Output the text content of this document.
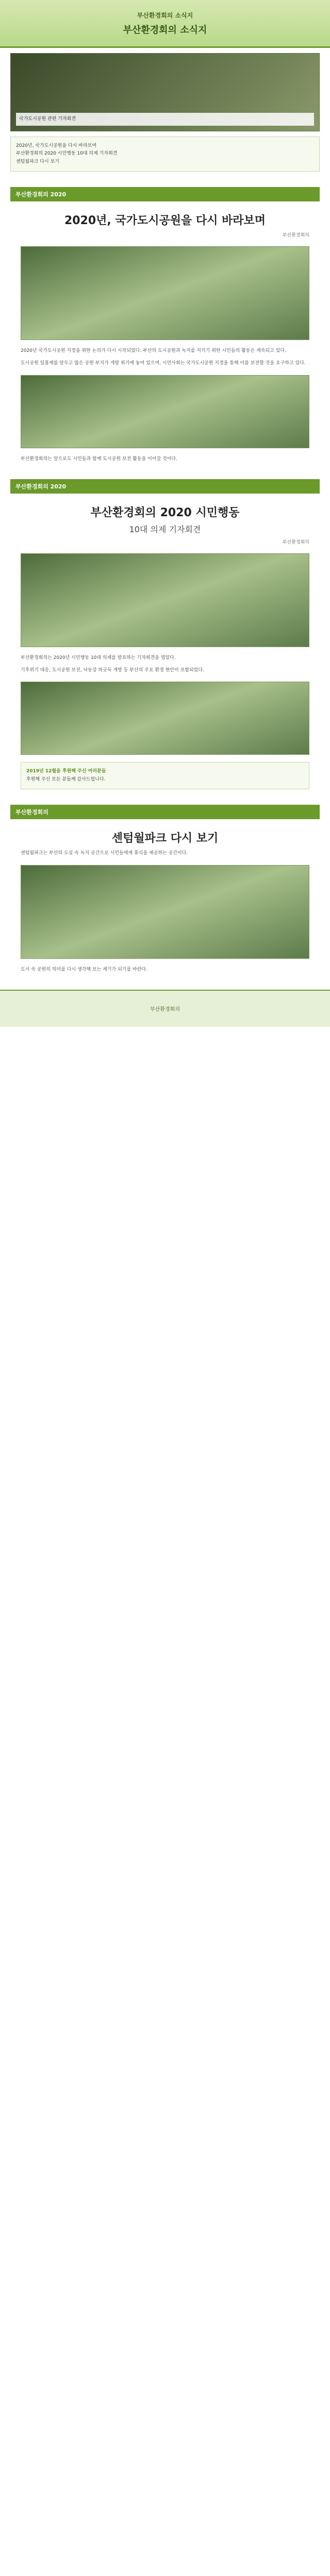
부산환경회의 소식지
부산환경회의 소식지
국가도시공원 관련 기자회견
2020년, 국가도시공원을 다시 바라보며
부산환경회의 2020 시민행동 10대 의제 기자회견
센텀월파크 다시 보기
부산환경회의 2020
2020년, 국가도시공원을 다시 바라보며
부산환경회의
2020년 국가도시공원 지정을 위한 논의가 다시 시작되었다. 부산의 도시공원과 녹지를 지키기 위한 시민들의 활동은 계속되고 있다.
도시공원 일몰제를 앞두고 많은 공원 부지가 개발 위기에 놓여 있으며, 시민사회는 국가도시공원 지정을 통해 이를 보전할 것을 요구하고 있다.
부산환경회의는 앞으로도 시민들과 함께 도시공원 보전 활동을 이어갈 것이다.
부산환경회의 2020
부산환경회의 2020 시민행동
10대 의제 기자회견
부산환경회의
부산환경회의는 2020년 시민행동 10대 의제를 발표하는 기자회견을 열었다.
기후위기 대응, 도시공원 보전, 낙동강 하굿둑 개방 등 부산의 주요 환경 현안이 포함되었다.
2019년 12월을 후원해 주신 여러분들
후원해 주신 모든 분들께 감사드립니다.
부산환경회의
센텀월파크 다시 보기
센텀월파크는 부산의 도심 속 녹지 공간으로 시민들에게 휴식을 제공하는 공간이다.
도시 속 공원의 의미를 다시 생각해 보는 계기가 되기를 바란다.
부산환경회의
